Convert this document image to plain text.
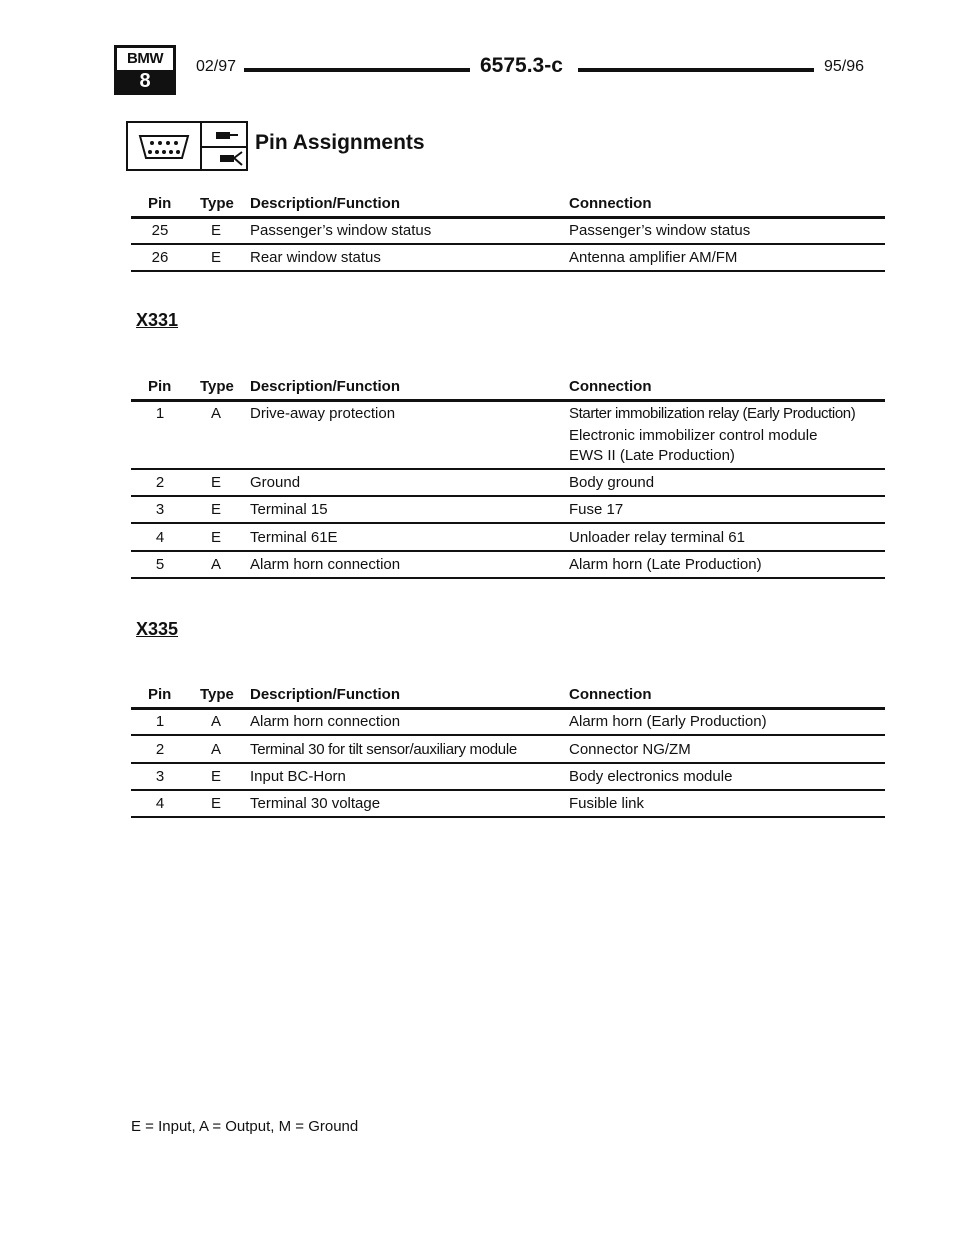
BMW
8
02/97	6575.3-c	95/96
Pin Assignments
Pin Type Description/Function	Connection
25	E	Passenger’s window status	Passenger’s window status
26	E	Rear window status	Antenna amplifier AM/FM
X331
Pin Type Description/Function	Connection
1	A	Drive-away protection	Starter immobilization relay (Early Production)
Electronic immobilizer control module
EWS II (Late Production)
2	E	Ground	Body ground
3	E	Terminal 15	Fuse 17
4	E	Terminal 61E	Unloader relay terminal 61
5	A	Alarm horn connection	Alarm horn (Late Production)
X335
Pin Type Description/Function	Connection
1	A	Alarm horn connection	Alarm horn (Early Production)
2	A	Terminal 30 for tilt sensor/auxiliary module	Connector NG/ZM
3	E	Input BC-Horn	Body electronics module
4	E	Terminal 30 voltage	Fusible link
E = Input, A = Output, M = Ground
